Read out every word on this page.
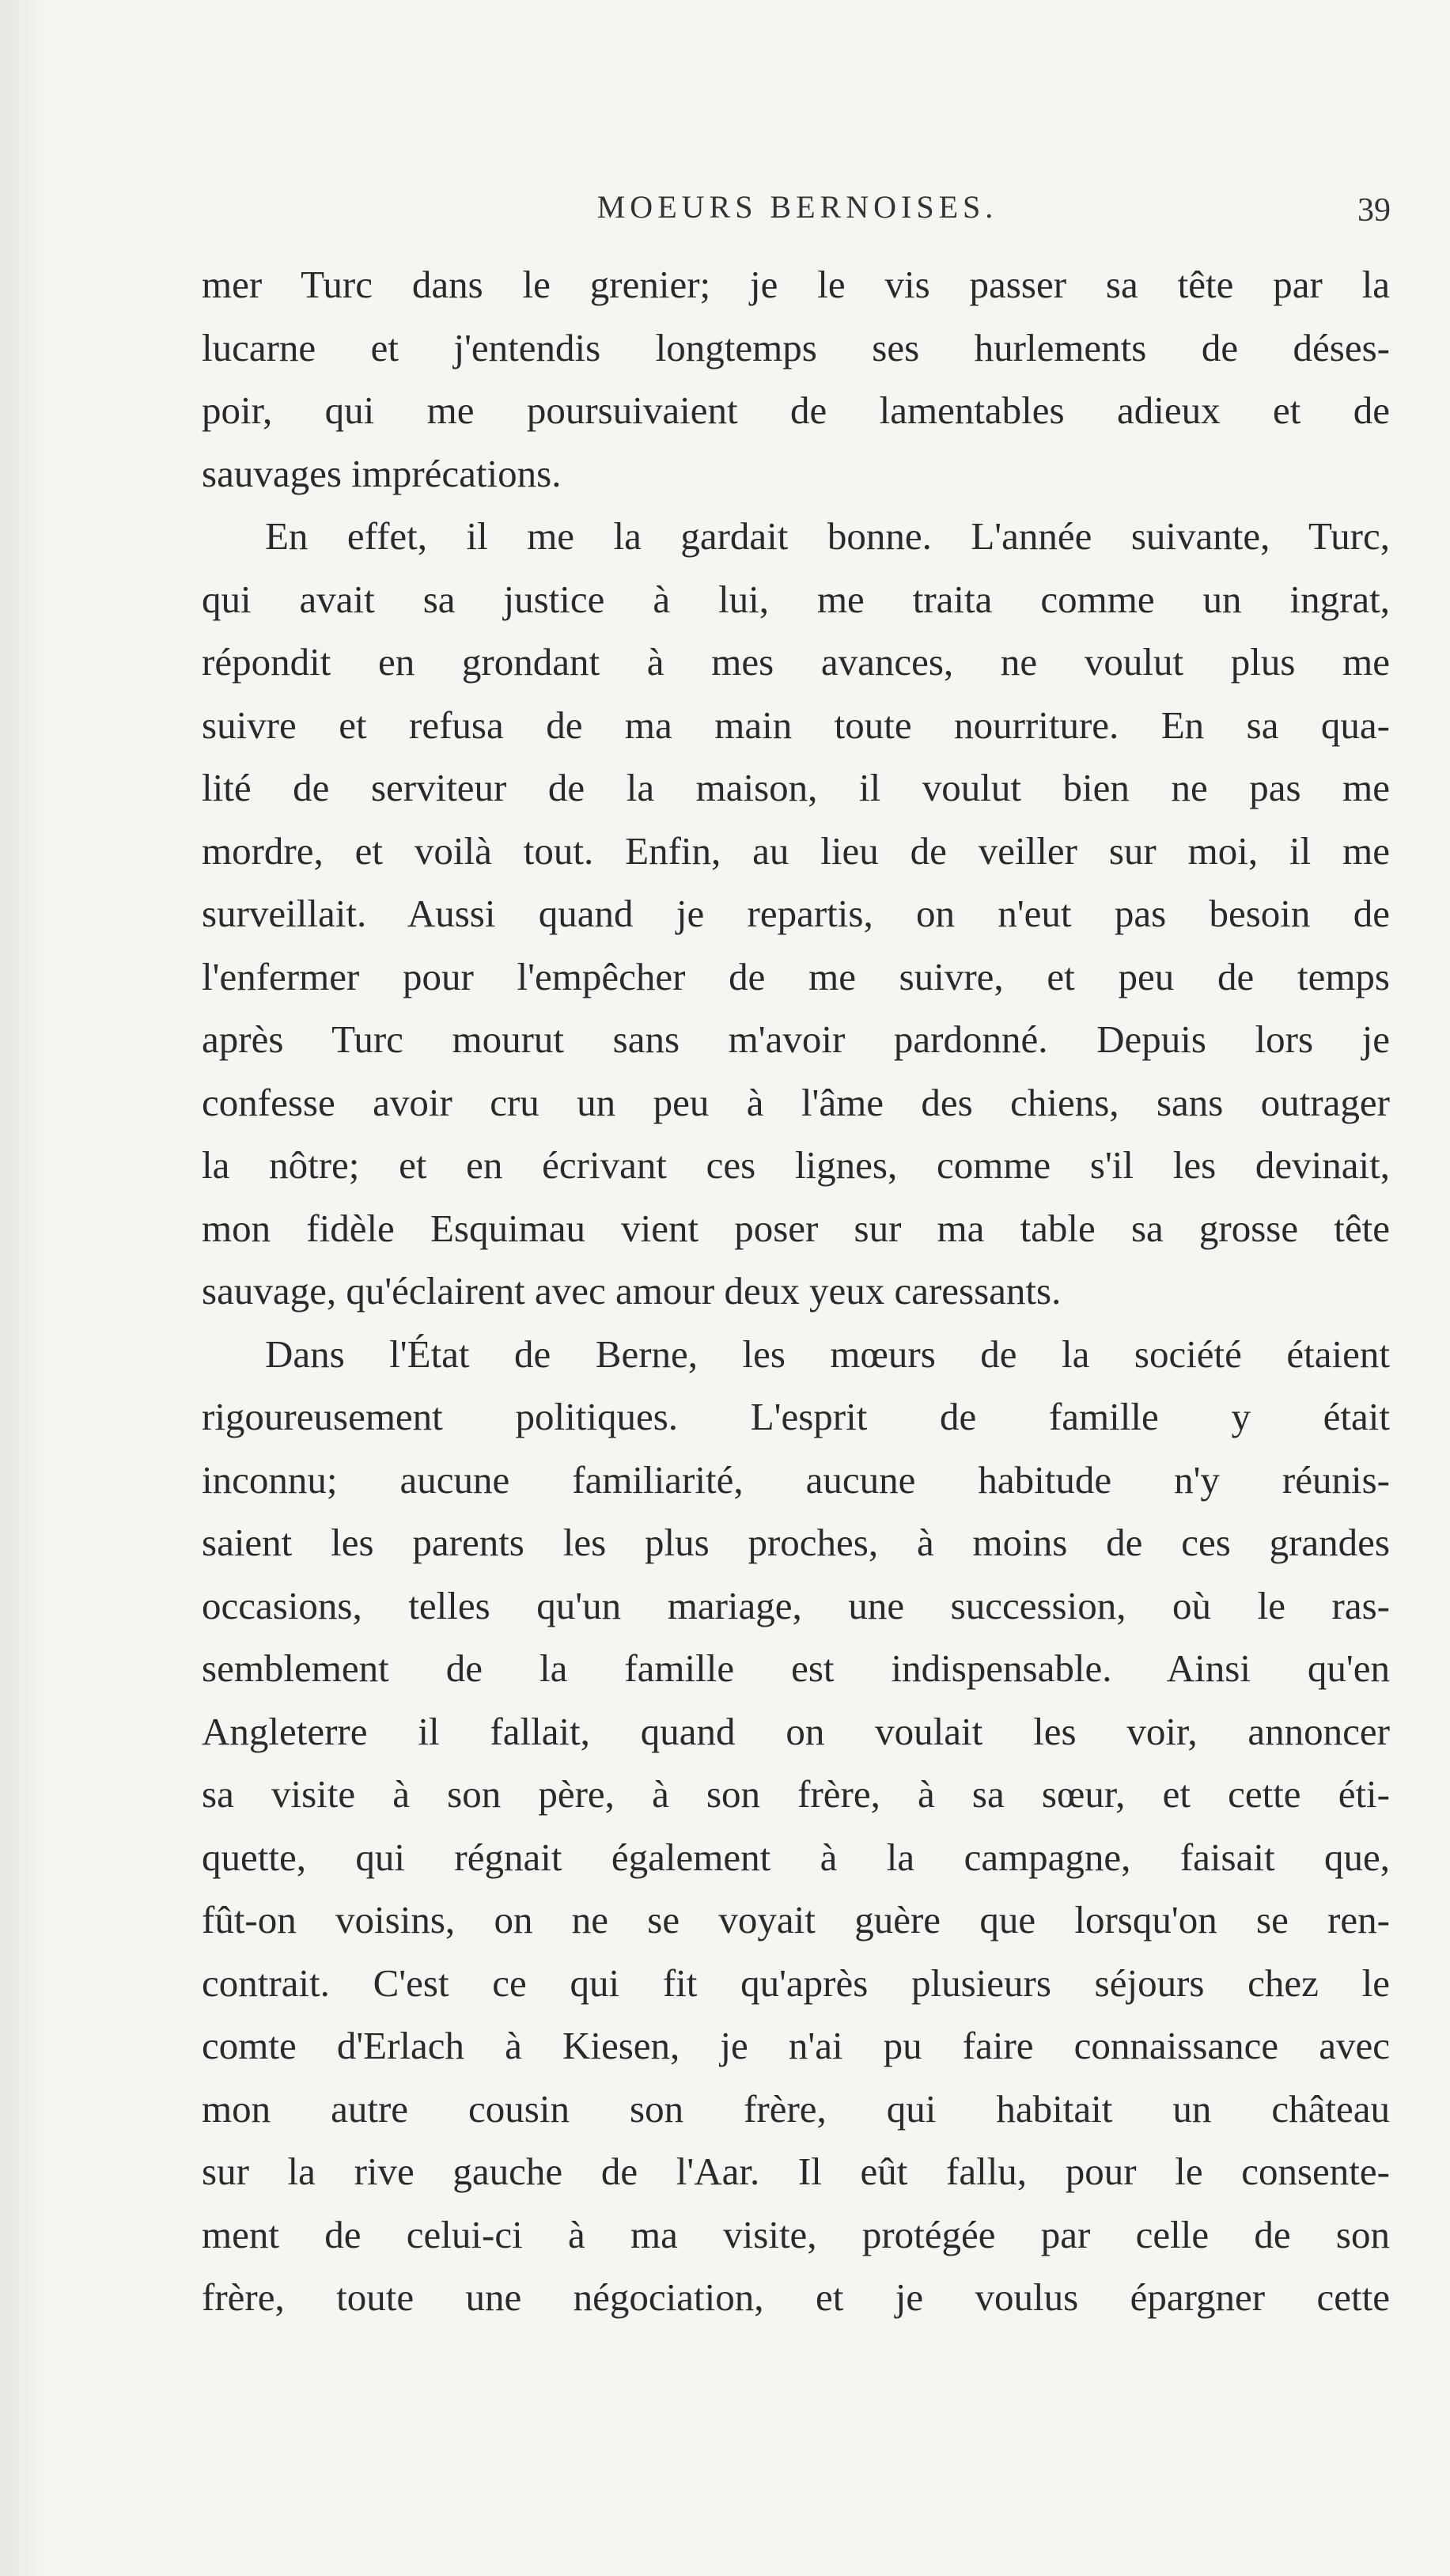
MOEURS BERNOISES.	39
mer Turc dans le grenier; je le vis passer sa tête par la
lucarne et j'entendis longtemps ses hurlements de déses-
poir, qui me poursuivaient de lamentables adieux et de
sauvages imprécations.
En effet, il me la gardait bonne. L'année suivante, Turc,
qui avait sa justice à lui, me traita comme un ingrat,
répondit en grondant à mes avances, ne voulut plus me
suivre et refusa de ma main toute nourriture. En sa qua-
lité de serviteur de la maison, il voulut bien ne pas me
mordre, et voilà tout. Enfin, au lieu de veiller sur moi, il me
surveillait. Aussi quand je repartis, on n'eut pas besoin de
l'enfermer pour l'empêcher de me suivre, et peu de temps
après Turc mourut sans m'avoir pardonné. Depuis lors je
confesse avoir cru un peu à l'âme des chiens, sans outrager
la nôtre; et en écrivant ces lignes, comme s'il les devinait,
mon fidèle Esquimau vient poser sur ma table sa grosse tête
sauvage, qu'éclairent avec amour deux yeux caressants.
Dans l'État de Berne, les mœurs de la société étaient
rigoureusement politiques. L'esprit de famille y était
inconnu; aucune familiarité, aucune habitude n'y réunis-
saient les parents les plus proches, à moins de ces grandes
occasions, telles qu'un mariage, une succession, où le ras-
semblement de la famille est indispensable. Ainsi qu'en
Angleterre il fallait, quand on voulait les voir, annoncer
sa visite à son père, à son frère, à sa sœur, et cette éti-
quette, qui régnait également à la campagne, faisait que,
fût-on voisins, on ne se voyait guère que lorsqu'on se ren-
contrait. C'est ce qui fit qu'après plusieurs séjours chez le
comte d'Erlach à Kiesen, je n'ai pu faire connaissance avec
mon autre cousin son frère, qui habitait un château
sur la rive gauche de l'Aar. Il eût fallu, pour le consente-
ment de celui-ci à ma visite, protégée par celle de son
frère, toute une négociation, et je voulus épargner cette
